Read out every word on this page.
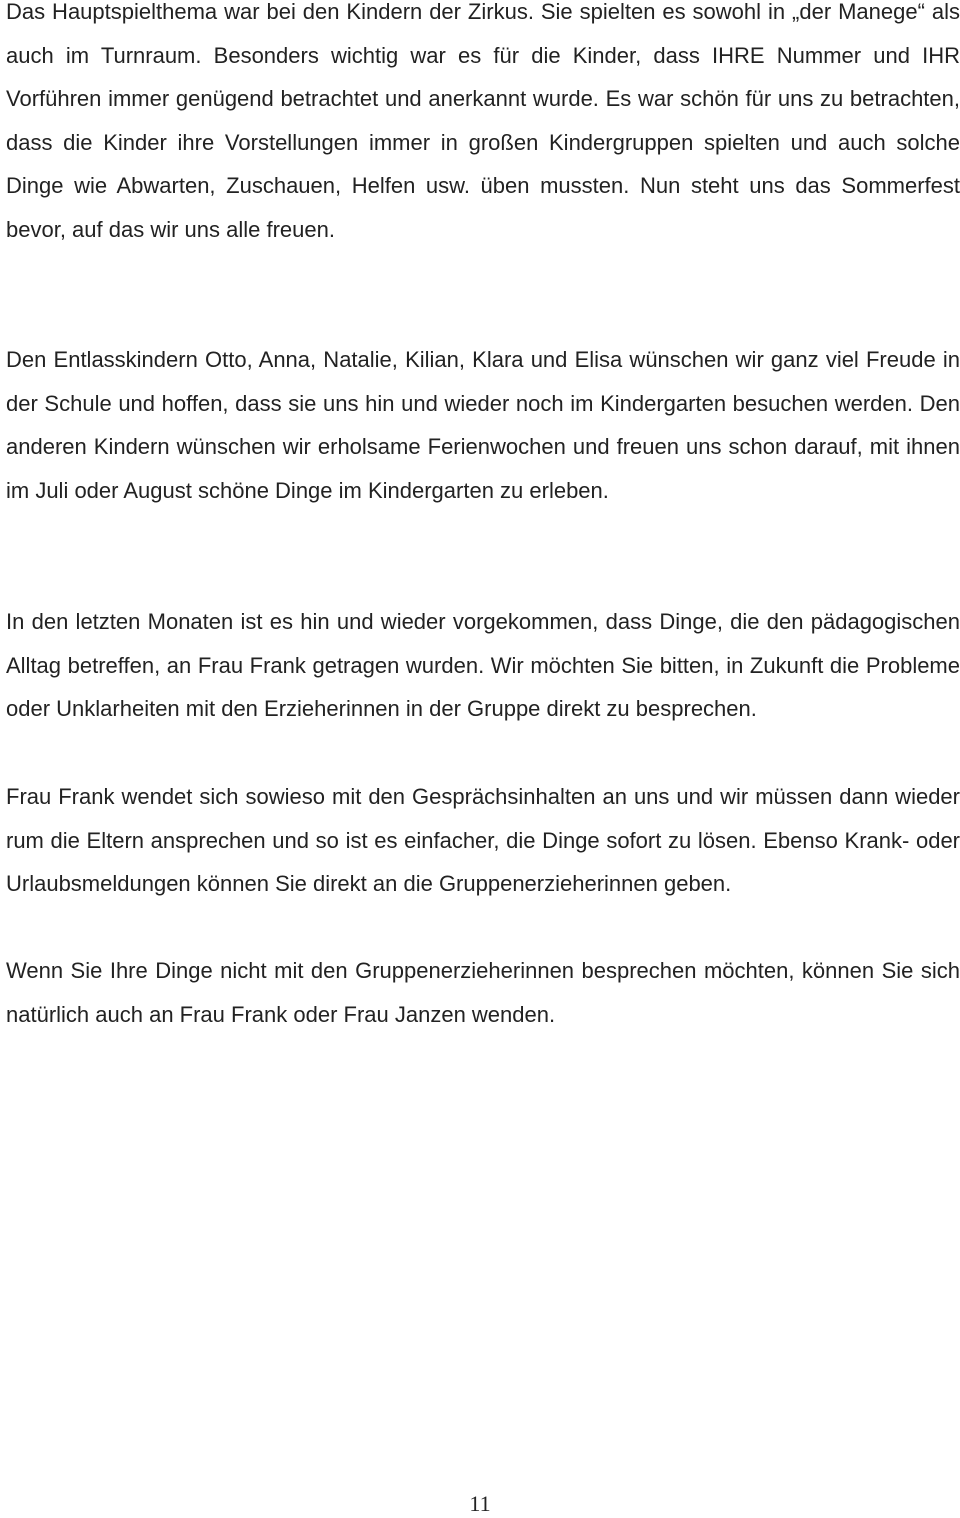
Das Hauptspielthema war bei den Kindern der Zirkus. Sie spielten es sowohl in „der Manege“ als auch im Turnraum. Besonders wichtig war es für die Kinder, dass IHRE Nummer und IHR Vorführen immer genügend betrachtet und anerkannt wurde. Es war schön für uns zu betrachten, dass die Kinder ihre Vorstellungen immer in großen Kindergruppen spielten und auch solche Dinge wie Abwarten, Zuschauen, Helfen usw. üben mussten. Nun steht uns das Sommerfest bevor, auf das wir uns alle freuen.

Den Entlasskindern Otto, Anna, Natalie, Kilian, Klara und Elisa wünschen wir ganz viel Freude in der Schule und hoffen, dass sie uns hin und wieder noch im Kindergarten besuchen werden. Den anderen Kindern wünschen wir erholsame Ferienwochen und freuen uns schon darauf, mit ihnen im Juli oder August schöne Dinge im Kindergarten zu erleben.

In den letzten Monaten ist es hin und wieder vorgekommen, dass Dinge, die den pädagogischen Alltag betreffen, an Frau Frank getragen wurden. Wir möchten Sie bitten, in Zukunft die Probleme oder Unklarheiten mit den Erzieherinnen in der Gruppe direkt zu besprechen.

Frau Frank wendet sich sowieso mit den Gesprächsinhalten an uns und wir müssen dann wieder rum die Eltern ansprechen und so ist es einfacher, die Dinge sofort zu lösen. Ebenso Krank- oder Urlaubsmeldungen können Sie direkt an die Gruppenerzieherinnen geben.

Wenn Sie Ihre Dinge nicht mit den Gruppenerzieherinnen besprechen möchten, können Sie sich natürlich auch an Frau Frank oder Frau Janzen wenden.

11
